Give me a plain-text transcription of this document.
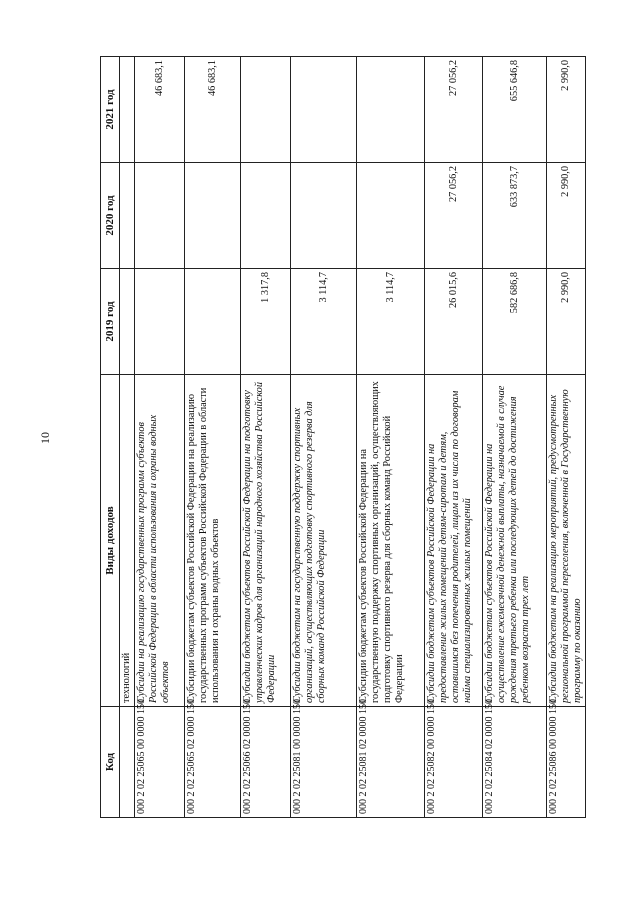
10
Код	Виды доходов	2019 год	2020 год	2021 год
	технологий			
000 2 02 25065 00 0000 150	Субсидии на реализацию государственных программ субъектов Российской Федерации в области использования и охраны водных объектов			46 683,1
000 2 02 25065 02 0000 150	Субсидии бюджетам субъектов Российской Федерации на реализацию государственных программ субъектов Российской Федерации в области использования и охраны водных объектов			46 683,1
000 2 02 25066 02 0000 150	Субсидии бюджетам субъектов Российской Федерации на подготовку управленческих кадров для организаций народного хозяйства Российской Федерации	1 317,8		
000 2 02 25081 00 0000 150	Субсидии бюджетам на государственную поддержку спортивных организаций, осуществляющих подготовку спортивного резерва для сборных команд Российской Федерации	3 114,7		
000 2 02 25081 02 0000 150	Субсидии бюджетам субъектов Российской Федерации на государственную поддержку спортивных организаций, осуществляющих подготовку спортивного резерва для сборных команд Российской Федерации	3 114,7		
000 2 02 25082 00 0000 150	Субсидии бюджетам субъектов Российской Федерации на предоставление жилых помещений детям-сиротам и детям, оставшимся без попечения родителей, лицам из их числа по договорам найма специализированных жилых помещений	26 015,6	27 056,2	27 056,2
000 2 02 25084 02 0000 150	Субсидии бюджетам субъектов Российской Федерации на осуществление ежемесячной денежной выплаты, назначаемой в случае рождения третьего ребенка или последующих детей до достижения ребенком возраста трех лет	582 686,8	633 873,7	655 646,8
000 2 02 25086 00 0000 150	Субсидии бюджетам на реализацию мероприятий, предусмотренных региональной программой переселения, включенной в Государственную программу по оказанию	2 990,0	2 990,0	2 990,0
